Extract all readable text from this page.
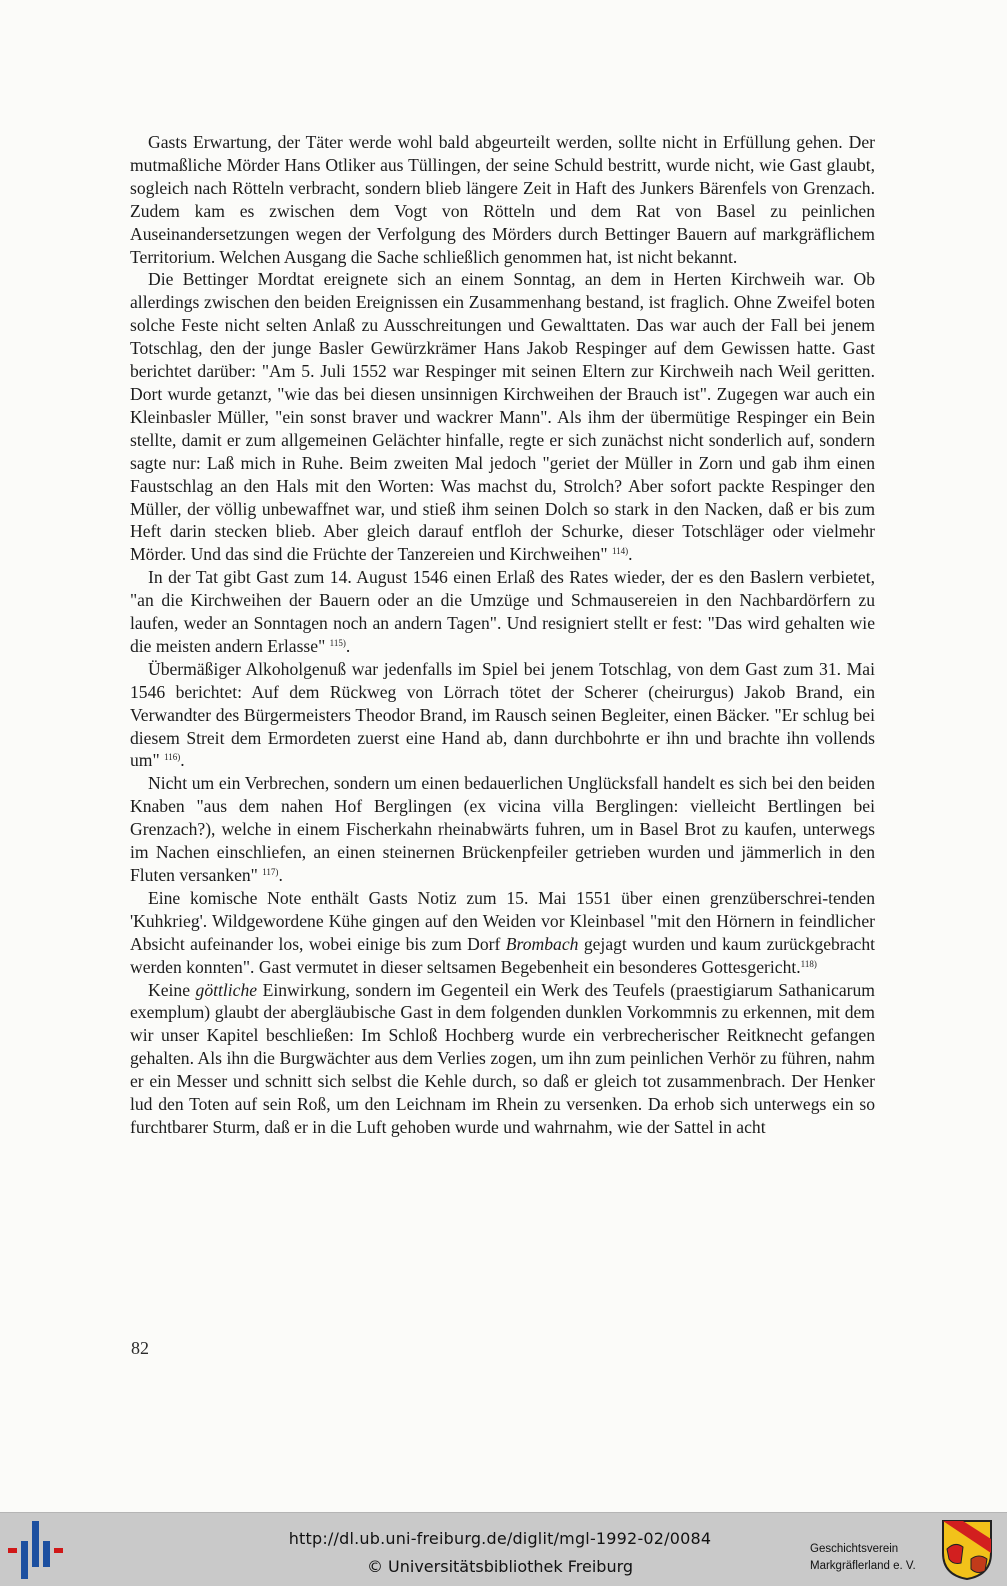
Gasts Erwartung, der Täter werde wohl bald abgeurteilt werden, sollte nicht in Erfüllung gehen. Der mutmaßliche Mörder Hans Otliker aus Tüllingen, der seine Schuld bestritt, wurde nicht, wie Gast glaubt, sogleich nach Rötteln verbracht, sondern blieb längere Zeit in Haft des Junkers Bärenfels von Grenzach. Zudem kam es zwischen dem Vogt von Rötteln und dem Rat von Basel zu peinlichen Auseinandersetzungen wegen der Verfolgung des Mörders durch Bettinger Bauern auf markgräflichem Territorium. Welchen Ausgang die Sache schließlich genommen hat, ist nicht bekannt.

Die Bettinger Mordtat ereignete sich an einem Sonntag, an dem in Herten Kirchweih war. Ob allerdings zwischen den beiden Ereignissen ein Zusammenhang bestand, ist fraglich. Ohne Zweifel boten solche Feste nicht selten Anlaß zu Ausschreitungen und Gewalttaten. Das war auch der Fall bei jenem Totschlag, den der junge Basler Gewürzkrämer Hans Jakob Respinger auf dem Gewissen hatte. Gast berichtet darüber: "Am 5. Juli 1552 war Respinger mit seinen Eltern zur Kirchweih nach Weil geritten. Dort wurde getanzt, "wie das bei diesen unsinnigen Kirchweihen der Brauch ist". Zugegen war auch ein Kleinbasler Müller, "ein sonst braver und wackrer Mann". Als ihm der übermütige Respinger ein Bein stellte, damit er zum allgemeinen Gelächter hinfalle, regte er sich zunächst nicht sonderlich auf, sondern sagte nur: Laß mich in Ruhe. Beim zweiten Mal jedoch "geriet der Müller in Zorn und gab ihm einen Faustschlag an den Hals mit den Worten: Was machst du, Strolch? Aber sofort packte Respinger den Müller, der völlig unbewaffnet war, und stieß ihm seinen Dolch so stark in den Nacken, daß er bis zum Heft darin stecken blieb. Aber gleich darauf entfloh der Schurke, dieser Totschläger oder vielmehr Mörder. Und das sind die Früchte der Tanzereien und Kirchweihen" $^{114)}$.

In der Tat gibt Gast zum 14. August 1546 einen Erlaß des Rates wieder, der es den Baslern verbietet, "an die Kirchweihen der Bauern oder an die Umzüge und Schmausereien in den Nachbardörfern zu laufen, weder an Sonntagen noch an andern Tagen". Und resigniert stellt er fest: "Das wird gehalten wie die meisten andern Erlasse" $^{115)}$.

Übermäßiger Alkoholgenuß war jedenfalls im Spiel bei jenem Totschlag, von dem Gast zum 31. Mai 1546 berichtet: Auf dem Rückweg von Lörrach tötet der Scherer (cheirurgus) Jakob Brand, ein Verwandter des Bürgermeisters Theodor Brand, im Rausch seinen Begleiter, einen Bäcker. "Er schlug bei diesem Streit dem Ermordeten zuerst eine Hand ab, dann durchbohrte er ihn und brachte ihn vollends um" $^{116)}$.

Nicht um ein Verbrechen, sondern um einen bedauerlichen Unglücksfall handelt es sich bei den beiden Knaben "aus dem nahen Hof Berglingen (ex vicina villa Berglingen: vielleicht Bertlingen bei Grenzach?), welche in einem Fischerkahn rheinabwärts fuhren, um in Basel Brot zu kaufen, unterwegs im Nachen einschliefen, an einen steinernen Brückenpfeiler getrieben wurden und jämmerlich in den Fluten versanken" $^{117)}$.

Eine komische Note enthält Gasts Notiz zum 15. Mai 1551 über einen grenzüberschrei-tenden 'Kuhkrieg'. Wildgewordene Kühe gingen auf den Weiden vor Kleinbasel "mit den Hörnern in feindlicher Absicht aufeinander los, wobei einige bis zum Dorf Brombach gejagt wurden und kaum zurückgebracht werden konnten". Gast vermutet in dieser seltsamen Begebenheit ein besonderes Gottesgericht.$^{118)}$

Keine göttliche Einwirkung, sondern im Gegenteil ein Werk des Teufels (praestigiarum Sathanicarum exemplum) glaubt der abergläubische Gast in dem folgenden dunklen Vorkommnis zu erkennen, mit dem wir unser Kapitel beschließen: Im Schloß Hochberg wurde ein verbrecherischer Reitknecht gefangen gehalten. Als ihn die Burgwächter aus dem Verlies zogen, um ihn zum peinlichen Verhör zu führen, nahm er ein Messer und schnitt sich selbst die Kehle durch, so daß er gleich tot zusammenbrach. Der Henker lud den Toten auf sein Roß, um den Leichnam im Rhein zu versenken. Da erhob sich unterwegs ein so furchtbarer Sturm, daß er in die Luft gehoben wurde und wahrnahm, wie der Sattel in acht

82
http://dl.ub.uni-freiburg.de/diglit/mgl-1992-02/0084
© Universitätsbibliothek Freiburg
Geschichtsverein
Markgräflerland e. V.
